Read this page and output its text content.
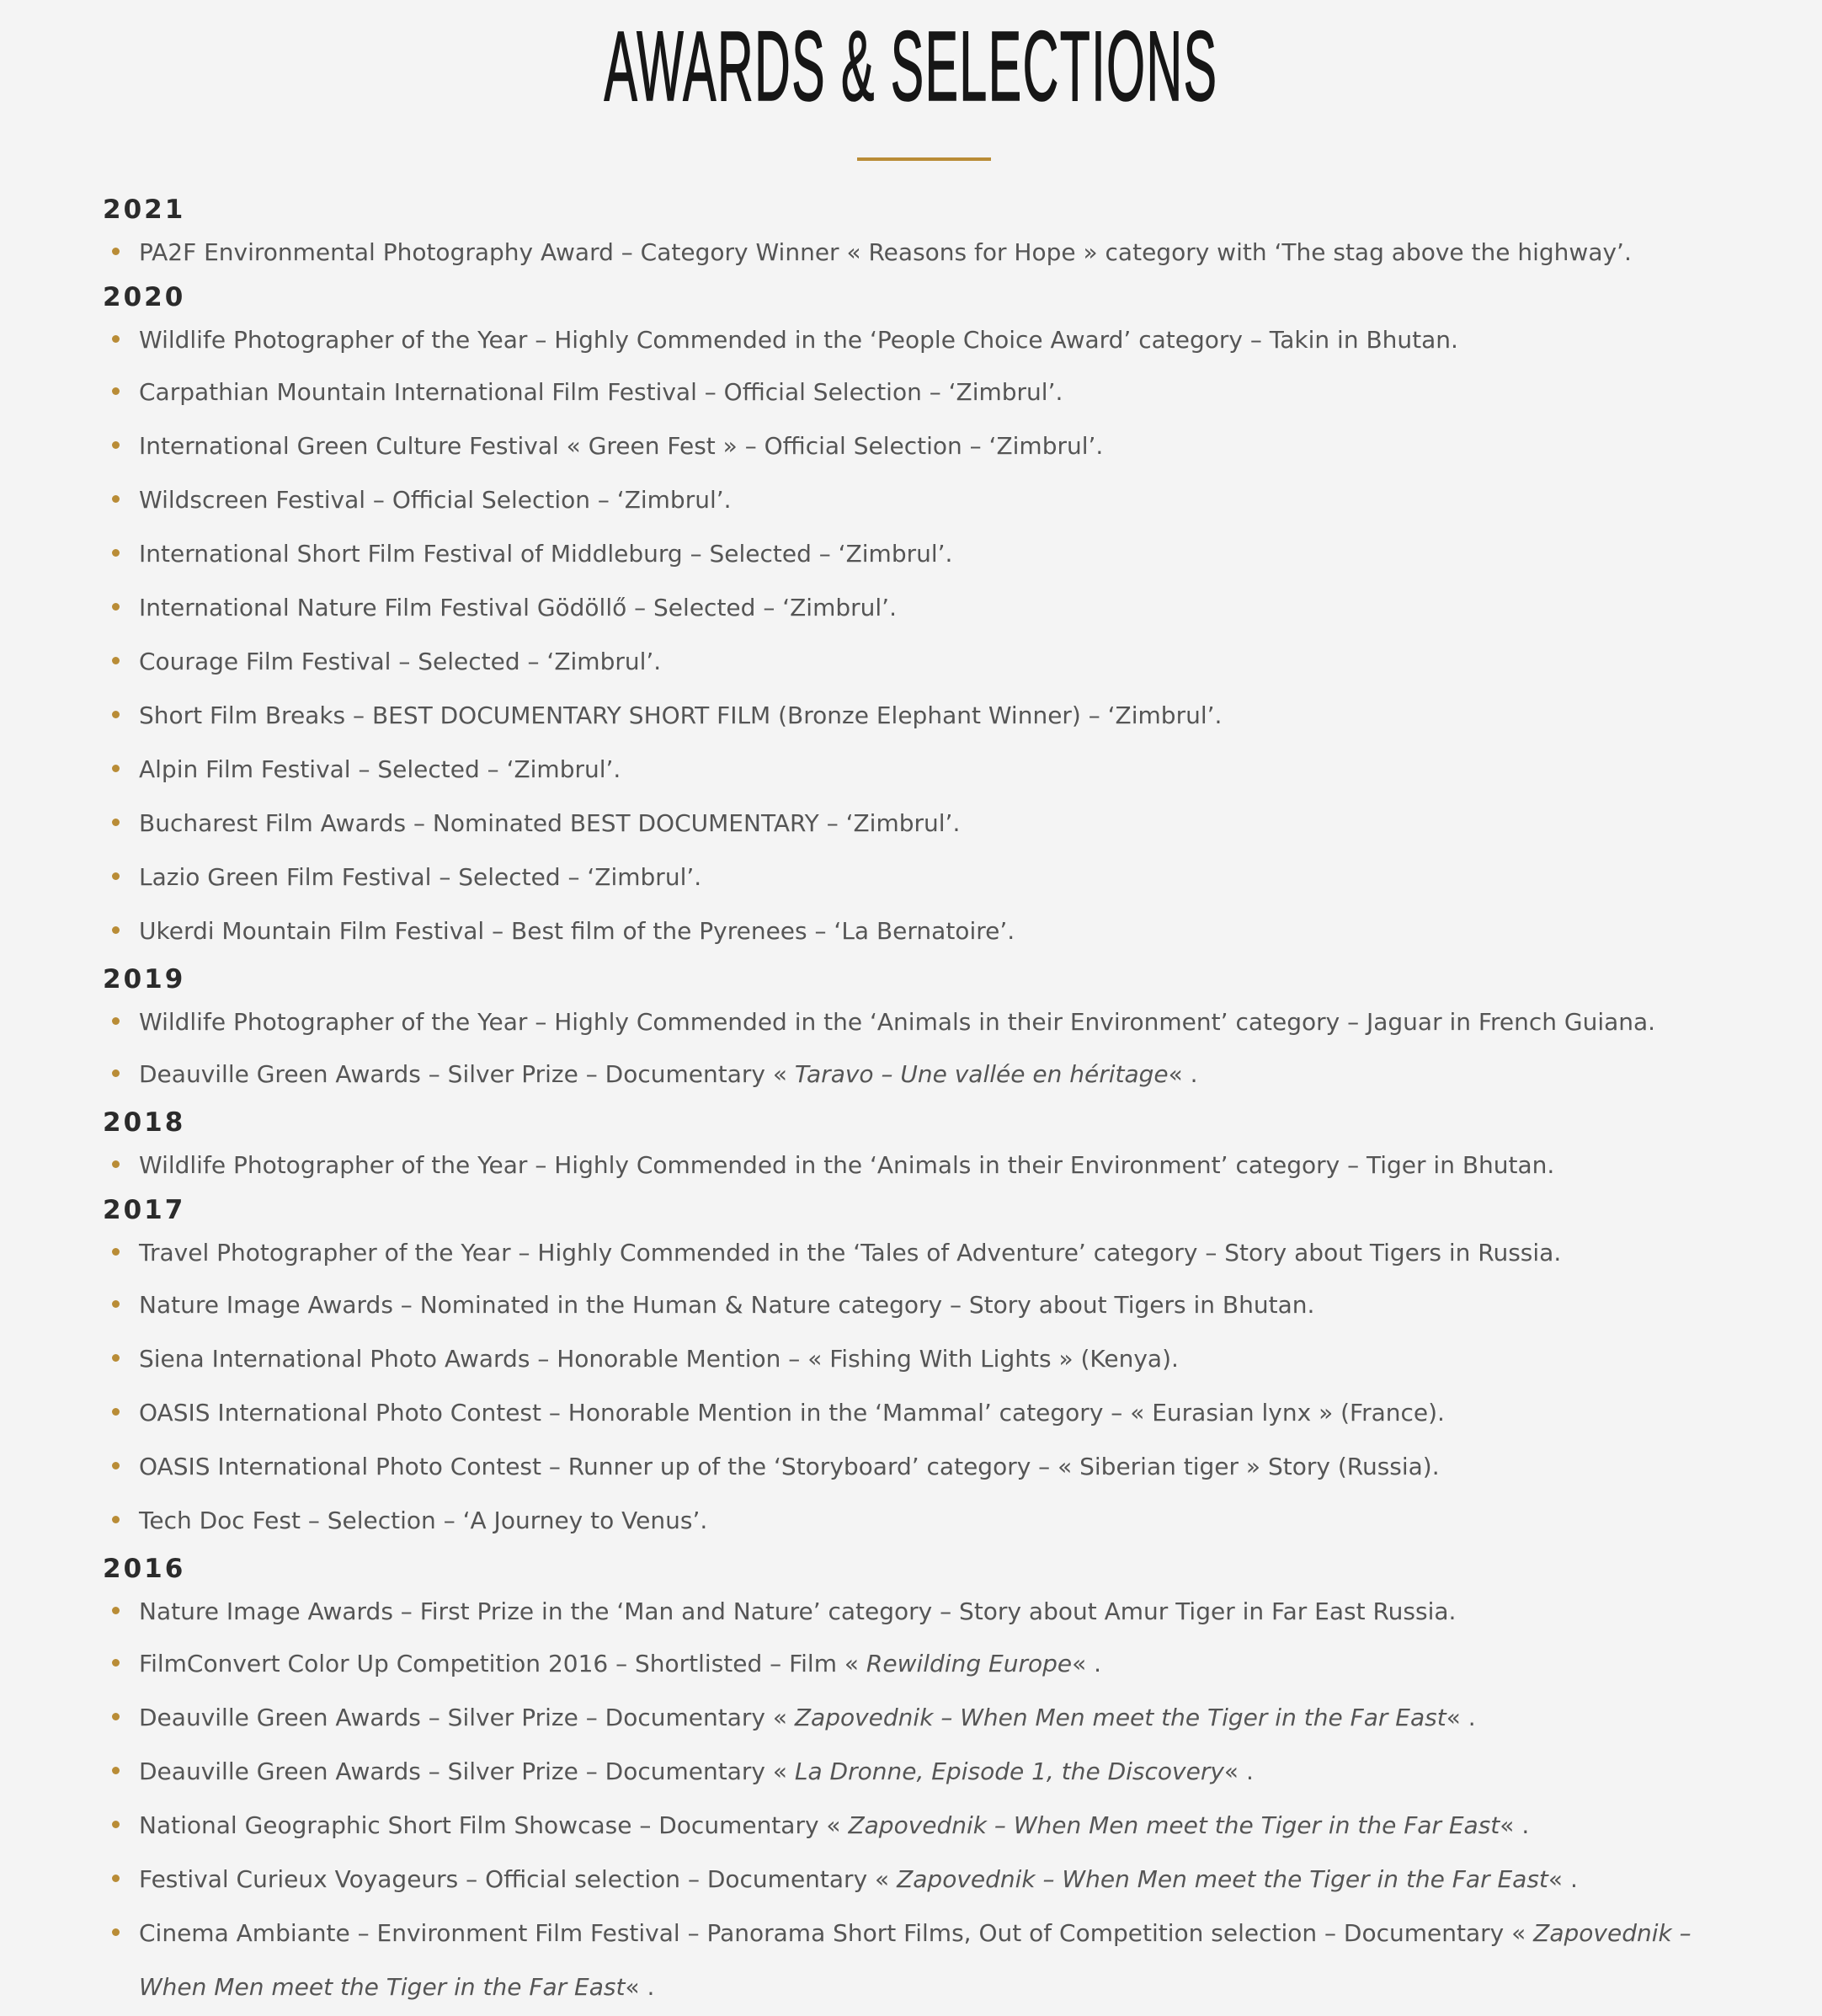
AWARDS & SELECTIONS
2021
PA2F Environmental Photography Award – Category Winner « Reasons for Hope » category with ‘The stag above the highway’.
2020
Wildlife Photographer of the Year – Highly Commended in the ‘People Choice Award’ category – Takin in Bhutan.
Carpathian Mountain International Film Festival – Official Selection – ‘Zimbrul’.
International Green Culture Festival « Green Fest » – Official Selection – ‘Zimbrul’.
Wildscreen Festival – Official Selection – ‘Zimbrul’.
International Short Film Festival of Middleburg – Selected – ‘Zimbrul’.
International Nature Film Festival Gödöllő – Selected – ‘Zimbrul’.
Courage Film Festival – Selected – ‘Zimbrul’.
Short Film Breaks – BEST DOCUMENTARY SHORT FILM (Bronze Elephant Winner) – ‘Zimbrul’.
Alpin Film Festival – Selected – ‘Zimbrul’.
Bucharest Film Awards – Nominated BEST DOCUMENTARY – ‘Zimbrul’.
Lazio Green Film Festival – Selected – ‘Zimbrul’.
Ukerdi Mountain Film Festival – Best film of the Pyrenees – ‘La Bernatoire’.
2019
Wildlife Photographer of the Year – Highly Commended in the ‘Animals in their Environment’ category – Jaguar in French Guiana.
Deauville Green Awards – Silver Prize – Documentary « Taravo – Une vallée en héritage« .
2018
Wildlife Photographer of the Year – Highly Commended in the ‘Animals in their Environment’ category – Tiger in Bhutan.
2017
Travel Photographer of the Year – Highly Commended in the ‘Tales of Adventure’ category – Story about Tigers in Russia.
Nature Image Awards – Nominated in the Human & Nature category – Story about Tigers in Bhutan.
Siena International Photo Awards – Honorable Mention – « Fishing With Lights » (Kenya).
OASIS International Photo Contest – Honorable Mention in the ‘Mammal’ category – « Eurasian lynx » (France).
OASIS International Photo Contest – Runner up of the ‘Storyboard’ category – « Siberian tiger » Story (Russia).
Tech Doc Fest – Selection – ‘A Journey to Venus’.
2016
Nature Image Awards – First Prize in the ‘Man and Nature’ category – Story about Amur Tiger in Far East Russia.
FilmConvert Color Up Competition 2016 – Shortlisted – Film « Rewilding Europe« .
Deauville Green Awards – Silver Prize – Documentary « Zapovednik – When Men meet the Tiger in the Far East« .
Deauville Green Awards – Silver Prize – Documentary « La Dronne, Episode 1, the Discovery« .
National Geographic Short Film Showcase – Documentary « Zapovednik – When Men meet the Tiger in the Far East« .
Festival Curieux Voyageurs – Official selection – Documentary « Zapovednik – When Men meet the Tiger in the Far East« .
Cinema Ambiante – Environment Film Festival – Panorama Short Films, Out of Competition selection – Documentary « Zapovednik – When Men meet the Tiger in the Far East« .
